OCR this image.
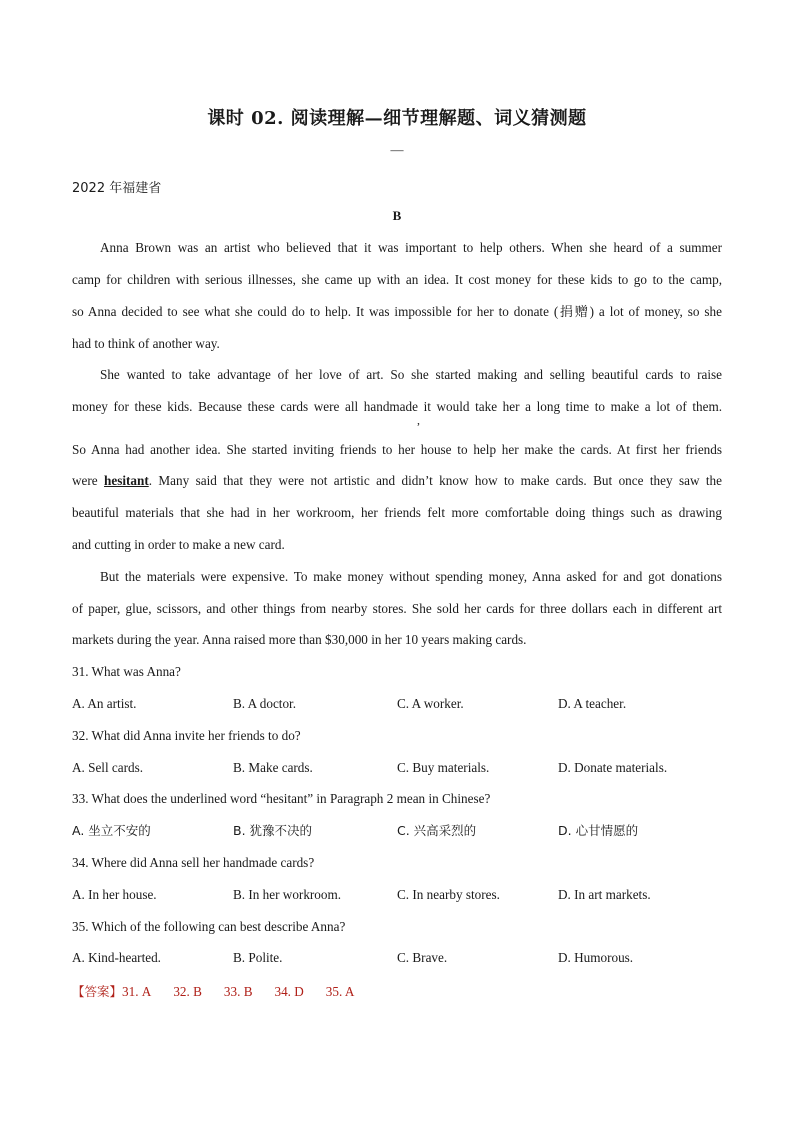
课时 02. 阅读理解—细节理解题、词义猜测题
—
2022 年福建省
B
Anna Brown was an artist who believed that it was important to help others. When she heard of a summer
camp for children with serious illnesses, she came up with an idea. It cost money for these kids to go to the camp,
so Anna decided to see what she could do to help. It was impossible for her to donate (捐赠) a lot of money, so she
had to think of another way.
She wanted to take advantage of her love of art. So she started making and selling beautiful cards to raise
money for these kids. Because these cards were all handmade it would take her a long time to make a lot of them.
,
So Anna had another idea. She started inviting friends to her house to help her make the cards. At first her friends
were hesitant. Many said that they were not artistic and didn’t know how to make cards. But once they saw the
beautiful materials that she had in her workroom, her friends felt more comfortable doing things such as drawing
and cutting in order to make a new card.
But the materials were expensive. To make money without spending money, Anna asked for and got donations
of paper, glue, scissors, and other things from nearby stores. She sold her cards for three dollars each in different art
markets during the year. Anna raised more than $30,000 in her 10 years making cards.
31. What was Anna?
A. An artist.	B. A doctor.	C. A worker.	D. A teacher.
32. What did Anna invite her friends to do?
A. Sell cards.	B. Make cards.	C. Buy materials.	D. Donate materials.
33. What does the underlined word “hesitant” in Paragraph 2 mean in Chinese?
A. 坐立不安的	B. 犹豫不决的	C. 兴高采烈的	D. 心甘情愿的
34. Where did Anna sell her handmade cards?
A. In her house.	B. In her workroom.	C. In nearby stores.	D. In art markets.
35. Which of the following can best describe Anna?
A. Kind-hearted.	B. Polite.	C. Brave.	D. Humorous.
【答案】31. A 32. B 33. B 34. D 35. A
